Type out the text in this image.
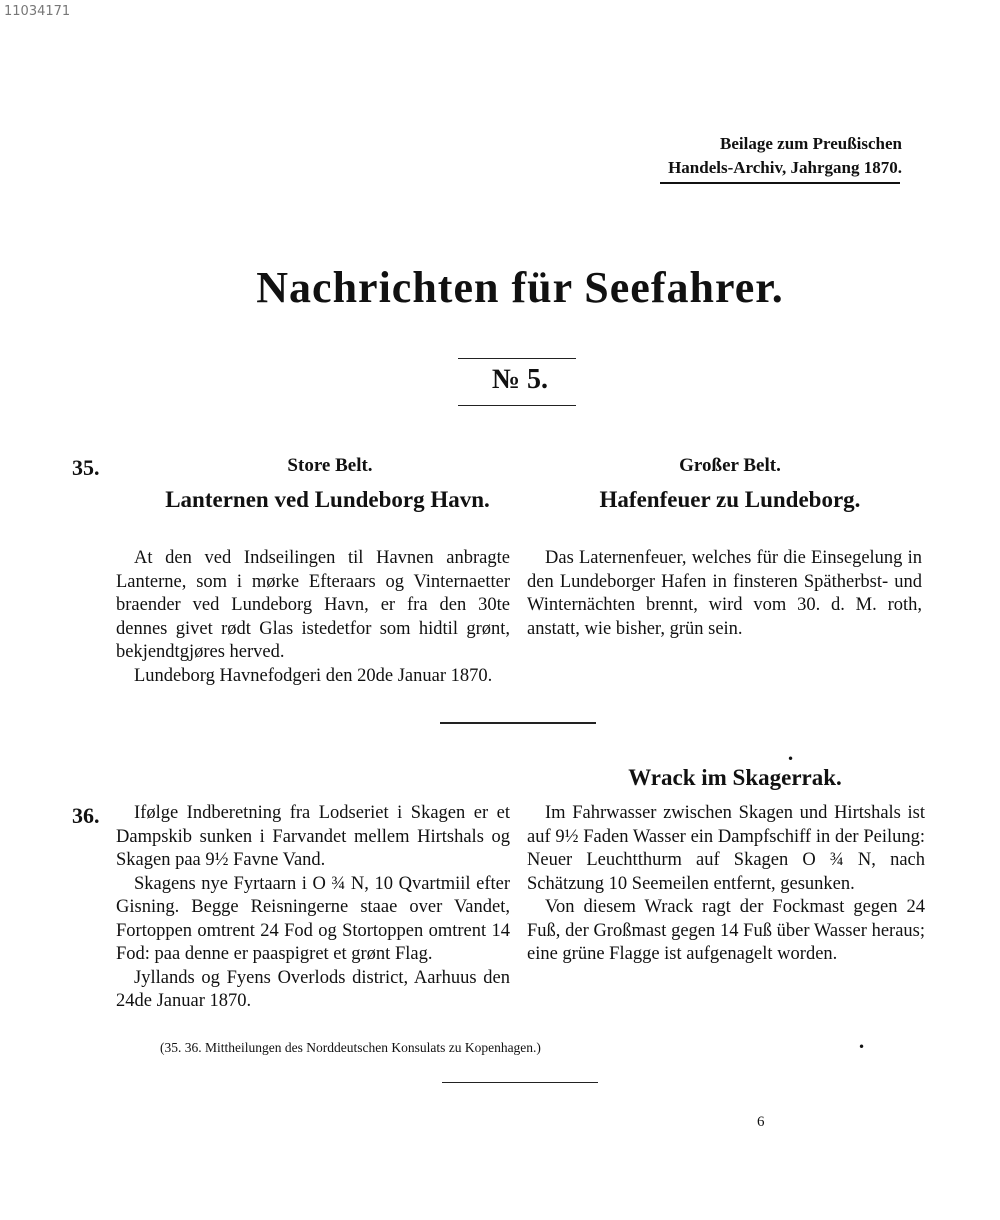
11034171
Beilage zum Preußischen
Handels-Archiv, Jahrgang 1870.
Nachrichten für Seefahrer.
№ 5.
35.	Store Belt.
Lanternen ved Lundeborg Havn.

At den ved Indseilingen til Havnen anbragte Lanterne, som i mørke Efteraars og Vinternaetter braender ved Lundeborg Havn, er fra den 30te dennes givet rødt Glas istedetfor som hidtil grønt, bekjendtgjøres herved.

Lundeborg Havnefodgeri den 20de Januar 1870.

Großer Belt.
Hafenfeuer zu Lundeborg.

Das Laternenfeuer, welches für die Einsegelung in den Lundeborger Hafen in finsteren Spätherbst- und Winternächten brennt, wird vom 30. d. M. roth, anstatt, wie bisher, grün sein.

•
Wrack im Skagerrak.
36.	Ifølge Indberetning fra Lodseriet i Skagen er et Dampskib sunken i Farvandet mellem Hirtshals og Skagen paa 9½ Favne Vand.

Skagens nye Fyrtaarn i O ¾ N, 10 Qvartmiil efter Gisning. Begge Reisningerne staae over Vandet, Fortoppen omtrent 24 Fod og Stortoppen omtrent 14 Fod: paa denne er paaspigret et grønt Flag.

Jyllands og Fyens Overlods district, Aarhuus den 24de Januar 1870.

Im Fahrwasser zwischen Skagen und Hirtshals ist auf 9½ Faden Wasser ein Dampfschiff in der Peilung: Neuer Leuchtthurm auf Skagen O ¾ N, nach Schätzung 10 Seemeilen entfernt, gesunken.

Von diesem Wrack ragt der Fockmast gegen 24 Fuß, der Großmast gegen 14 Fuß über Wasser heraus; eine grüne Flagge ist aufgenagelt worden.

(35. 36. Mittheilungen des Norddeutschen Konsulats zu Kopenhagen.)	•
6
